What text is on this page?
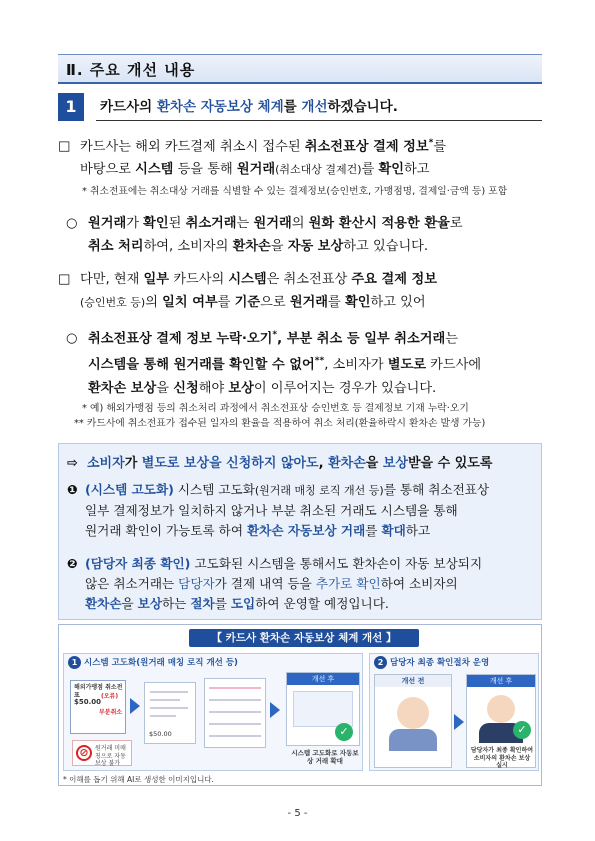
Ⅱ. 주요 개선 내용
1	카드사의 환차손 자동보상 체계를 개선하겠습니다.
□ 카드사는 해외 카드결제 취소시 접수된 취소전표상 결제 정보*를
바탕으로 시스템 등을 통해 원거래(취소대상 결제건)를 확인하고
* 취소전표에는 취소대상 거래를 식별할 수 있는 결제정보(승인번호, 가맹점명, 결제일·금액 등) 포함
○ 원거래가 확인된 취소거래는 원거래의 원화 환산시 적용한 환율로
취소 처리하여, 소비자의 환차손을 자동 보상하고 있습니다.
□ 다만, 현재 일부 카드사의 시스템은 취소전표상 주요 결제 정보
(승인번호 등)의 일치 여부를 기준으로 원거래를 확인하고 있어
○ 취소전표상 결제 정보 누락·오기*, 부분 취소 등 일부 취소거래는
시스템을 통해 원거래를 확인할 수 없어**, 소비자가 별도로 카드사에
환차손 보상을 신청해야 보상이 이루어지는 경우가 있습니다.
* 예) 해외가맹점 등의 취소처리 과정에서 취소전표상 승인번호 등 결제정보 기재 누락·오기
** 카드사에 취소전표가 접수된 일자의 환율을 적용하여 취소 처리(환율하락시 환차손 발생 가능)
⇨ 소비자가 별도로 보상을 신청하지 않아도, 환차손을 보상받을 수 있도록
❶ (시스템 고도화) 시스템 고도화(원거래 매칭 로직 개선 등)를 통해 취소전표상
일부 결제정보가 일치하지 않거나 부분 취소된 거래도 시스템을 통해
원거래 확인이 가능토록 하여 환차손 자동보상 거래를 확대하고
❷ (담당자 최종 확인) 고도화된 시스템을 통해서도 환차손이 자동 보상되지
않은 취소거래는 담당자가 결제 내역 등을 추가로 확인하여 소비자의
환차손을 보상하는 절차를 도입하여 운영할 예정입니다.
【 카드사 환차손 자동보상 체계 개선 】
1 시스템 고도화(원거래 매칭 로직 개선 등)
해외가맹점 취소전표
$50.00
(오류)
부분취소
$50.00
개선 후
✓
⊘	원거래 미매칭으로 자동보상 불가
시스템 고도화로 자동보상 거래 확대
2 담당자 최종 확인절차 운영
개선 전	개선 후
✓
담당자가 최종 확인하여 소비자의 환차손 보상 실시
* 이해를 돕기 위해 AI로 생성한 이미지입니다.
- 5 -
